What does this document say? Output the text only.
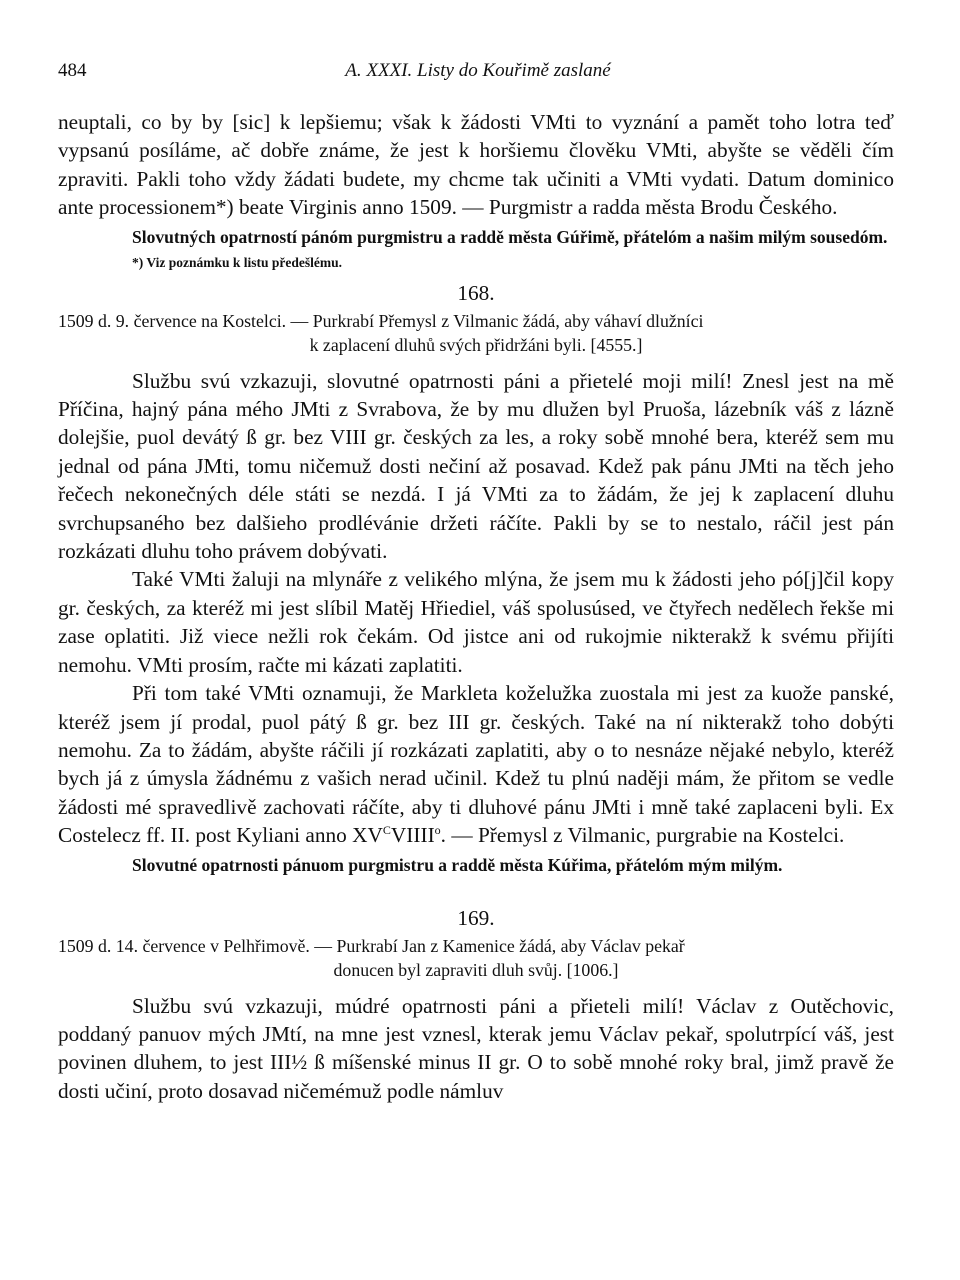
484	A. XXXI. Listy do Kouřimě zaslané

neuptali, co by by [sic] k lepšiemu; však k žádosti VMti to vyznání a pamět toho lotra teď vypsanú posíláme, ač dobře známe, že jest k horšiemu člověku VMti, abyšte se věděli čím zpraviti. Pakli toho vždy žádati budete, my chcme tak učiniti a VMti vydati. Datum dominico ante processionem*) beate Virginis anno 1509. — Purgmistr a radda města Brodu Českého.

Slovutných opatrností pánóm purgmistru a raddě města Gúřimě, přátelóm a našim milým sousedóm.

*) Viz poznámku k listu předešlému.

168.
1509 d. 9. července na Kostelci. — Purkrabí Přemysl z Vilmanic žádá, aby váhaví dlužníci
k zaplacení dluhů svých přidržáni byli. [4555.]

Službu svú vzkazuji, slovutné opatrnosti páni a přietelé moji milí! Znesl jest na mě Příčina, hajný pána mého JMti z Svrabova, že by mu dlužen byl Pruoša, lázebník váš z lázně dolejšie, puol devátý ß gr. bez VIII gr. českých za les, a roky sobě mnohé bera, kteréž sem mu jednal od pána JMti, tomu ničemuž dosti nečiní až posavad. Kdež pak pánu JMti na těch jeho řečech nekonečných déle státi se nezdá. I já VMti za to žádám, že jej k zaplacení dluhu svrchupsaného bez dalšieho prodlévánie držeti ráčíte. Pakli by se to nestalo, ráčil jest pán rozkázati dluhu toho právem dobývati.

Také VMti žaluji na mlynáře z velikého mlýna, že jsem mu k žádosti jeho pó[j]čil kopy gr. českých, za kteréž mi jest slíbil Matěj Hřiediel, váš spolusúsed, ve čtyřech nedělech řekše mi zase oplatiti. Již viece nežli rok čekám. Od jistce ani od rukojmie nikterakž k svému přijíti nemohu. VMti prosím, račte mi kázati zaplatiti.

Při tom také VMti oznamuji, že Markleta koželužka zuostala mi jest za kuože panské, kteréž jsem jí prodal, puol pátý ß gr. bez III gr. českých. Také na ní nikterakž toho dobýti nemohu. Za to žádám, abyšte ráčili jí rozkázati zaplatiti, aby o to nesnáze nějaké nebylo, kteréž bych já z úmysla žádnému z vašich nerad učinil. Kdež tu plnú naději mám, že přitom se vedle žádosti mé spravedlivě zachovati ráčíte, aby ti dluhové pánu JMti i mně také zaplaceni byli. Ex Costelecz ff. II. post Kyliani anno $XV^CVIIII^o$. — Přemysl z Vilmanic, purgrabie na Kostelci.

Slovutné opatrnosti pánuom purgmistru a raddě města Kúřima, přátelóm mým milým.

169.
1509 d. 14. července v Pelhřimově. — Purkrabí Jan z Kamenice žádá, aby Václav pekař
donucen byl zapraviti dluh svůj. [1006.]

Službu svú vzkazuji, múdré opatrnosti páni a přieteli milí! Václav z Outěchovic, poddaný panuov mých JMtí, na mne jest vznesl, kterak jemu Václav pekař, spolutrpící váš, jest povinen dluhem, to jest III½ ß míšenské minus II gr. O to sobě mnohé roky bral, jimž pravě že dosti učiní, proto dosavad ničemémuž podle námluv
